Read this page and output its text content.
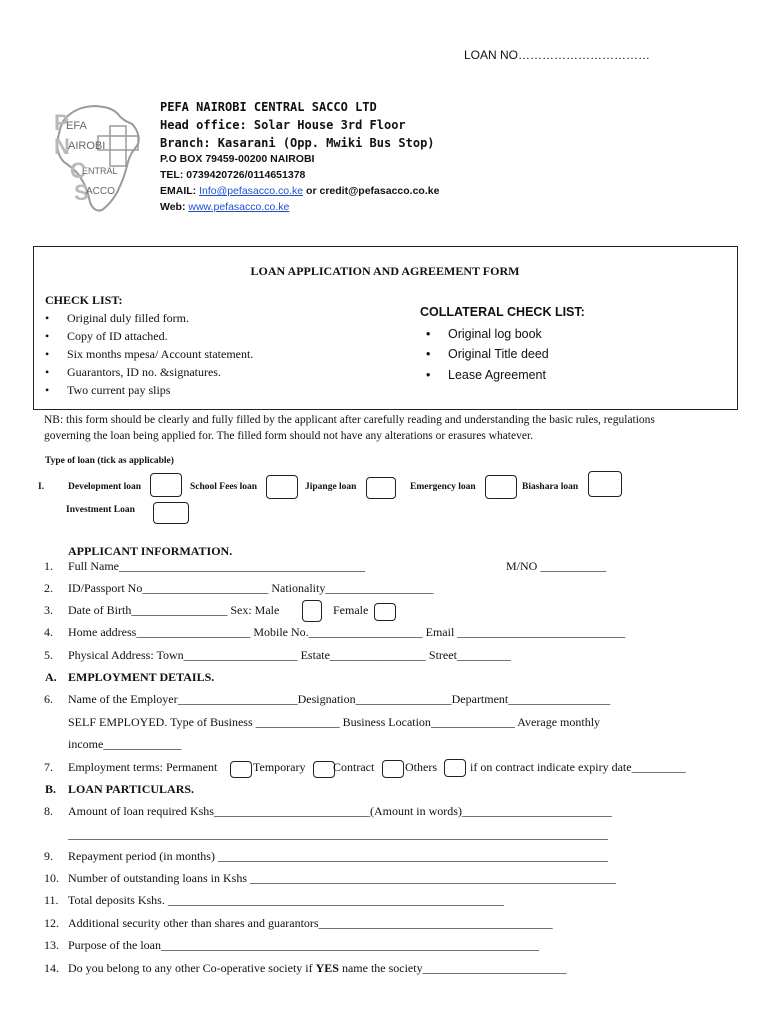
LOAN NO……………………………
P
EFA
N
AIROBI
C
ENTRAL
S
ACCO
PEFA NAIROBI CENTRAL SACCO LTD
Head office: Solar House 3rd Floor
Branch: Kasarani (Opp. Mwiki Bus Stop)
P.O BOX 79459-00200 NAIROBI
TEL: 0739420726/0114651378
EMAIL: Info@pefasacco.co.ke or credit@pefasacco.co.ke
Web: www.pefasacco.co.ke
LOAN APPLICATION AND AGREEMENT FORM
CHECK LIST:
• Original duly filled form.
• Copy of ID attached.
• Six months mpesa/ Account statement.
• Guarantors, ID no. &signatures.
• Two current pay slips
COLLATERAL CHECK LIST:
• Original log book
• Original Title deed
• Lease Agreement
NB: this form should be clearly and fully filled by the applicant after carefully reading and understanding the basic rules, regulations
governing the loan being applied for. The filled form should not have any alterations or erasures whatever.
Type of loan (tick as applicable)
I.	Development loan	School Fees loan	Jipange loan	Emergency loan	Biashara loan
Investment Loan
APPLICANT INFORMATION.
1. Full Name_________________________________________	M/NO ___________
2. ID/Passport No_____________________ Nationality__________________
3. Date of Birth________________ Sex: Male	Female
4. Home address___________________ Mobile No.___________________ Email ____________________________
5. Physical Address: Town___________________ Estate________________ Street_________
A. EMPLOYMENT DETAILS.
6. Name of the Employer____________________Designation________________Department_________________
SELF EMPLOYED. Type of Business ______________ Business Location______________ Average monthly
income_____________
7. Employment terms: Permanent	Temporary Contract	Others	if on contract indicate expiry date_________
B. LOAN PARTICULARS.
8. Amount of loan required Kshs__________________________(Amount in words)_________________________
__________________________________________________________________________________________
9. Repayment period (in months) _________________________________________________________________
10. Number of outstanding loans in Kshs _____________________________________________________________
11. Total deposits Kshs. ________________________________________________________
12. Additional security other than shares and guarantors_______________________________________
13. Purpose of the loan_______________________________________________________________
14. Do you belong to any other Co-operative society if YES name the society________________________
